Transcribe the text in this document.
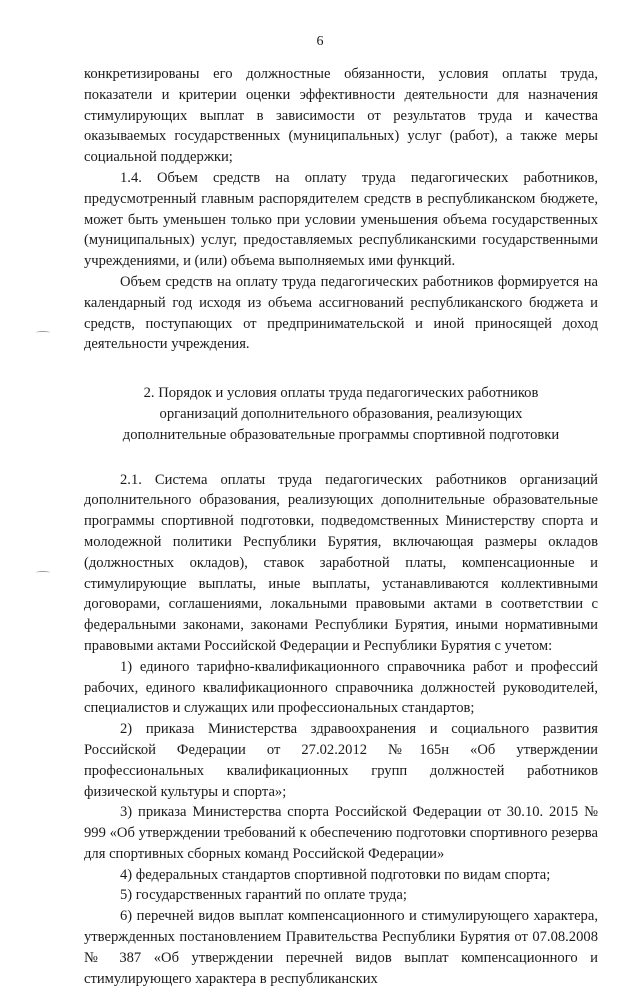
6

конкретизированы его должностные обязанности, условия оплаты труда, показатели и критерии оценки эффективности деятельности для назначения стимулирующих выплат в зависимости от результатов труда и качества оказываемых государственных (муниципальных) услуг (работ), а также меры социальной поддержки;

1.4. Объем средств на оплату труда педагогических работников, предусмотренный главным распорядителем средств в республиканском бюджете, может быть уменьшен только при условии уменьшения объема государственных (муниципальных) услуг, предоставляемых республиканскими государственными учреждениями, и (или) объема выполняемых ими функций.

Объем средств на оплату труда педагогических работников формируется на календарный год исходя из объема ассигнований республиканского бюджета и средств, поступающих от предпринимательской и иной приносящей доход деятельности учреждения.

2. Порядок и условия оплаты труда педагогических работников
организаций дополнительного образования, реализующих
дополнительные образовательные программы спортивной подготовки

2.1. Система оплаты труда педагогических работников организаций дополнительного образования, реализующих дополнительные образовательные программы спортивной подготовки, подведомственных Министерству спорта и молодежной политики Республики Бурятия, включающая размеры окладов (должностных окладов), ставок заработной платы, компенсационные и стимулирующие выплаты, иные выплаты, устанавливаются коллективными договорами, соглашениями, локальными правовыми актами в соответствии с федеральными законами, законами Республики Бурятия, иными нормативными правовыми актами Российской Федерации и Республики Бурятия с учетом:

1) единого тарифно-квалификационного справочника работ и профессий рабочих, единого квалификационного справочника должностей руководителей, специалистов и служащих или профессиональных стандартов;

2) приказа Министерства здравоохранения и социального развития Российской Федерации от 27.02.2012 №165н «Об утверждении профессиональных квалификационных групп должностей работников физической культуры и спорта»;

3) приказа Министерства спорта Российской Федерации от 30.10. 2015 № 999 «Об утверждении требований к обеспечению подготовки спортивного резерва для спортивных сборных команд Российской Федерации»

4) федеральных стандартов спортивной подготовки по видам спорта;

5) государственных гарантий по оплате труда;

6) перечней видов выплат компенсационного и стимулирующего характера, утвержденных постановлением Правительства Республики Бурятия от 07.08.2008 № 387 «Об утверждении перечней видов выплат компенсационного и стимулирующего характера в республиканских
